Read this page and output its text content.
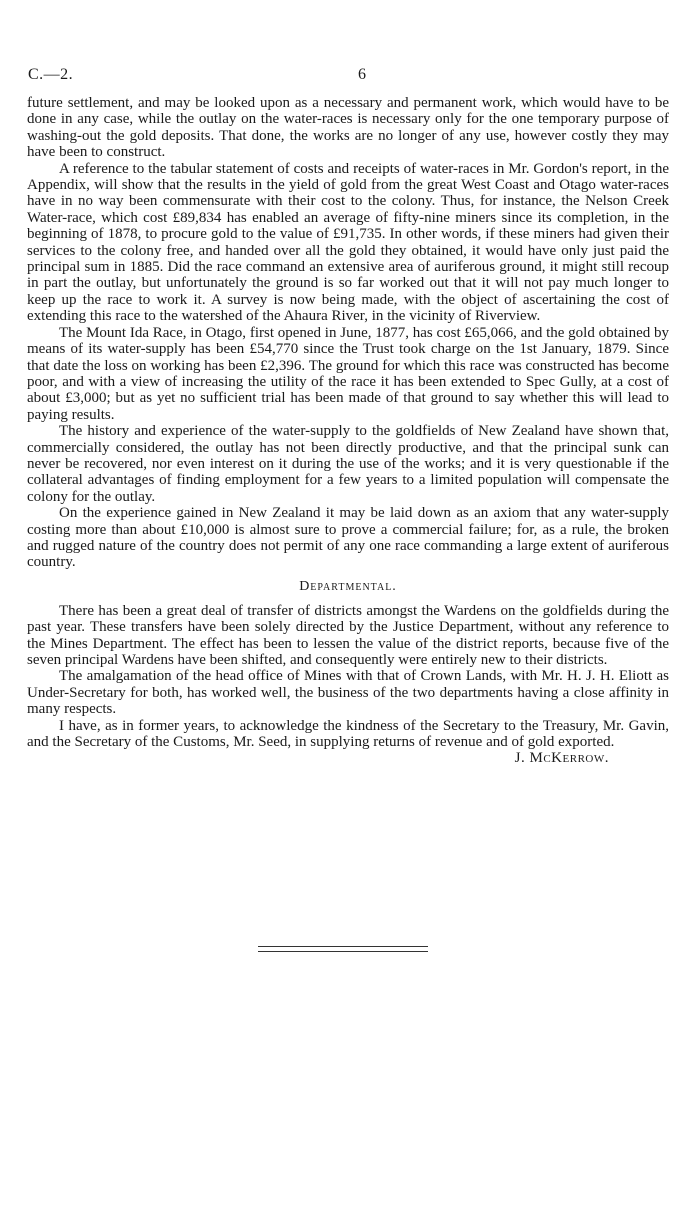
C.—2.	6

future settlement, and may be looked upon as a necessary and permanent work, which would have to be done in any case, while the outlay on the water-races is necessary only for the one temporary purpose of washing-out the gold deposits. That done, the works are no longer of any use, however costly they may have been to construct.

A reference to the tabular statement of costs and receipts of water-races in Mr. Gordon's report, in the Appendix, will show that the results in the yield of gold from the great West Coast and Otago water-races have in no way been commensurate with their cost to the colony. Thus, for instance, the Nelson Creek Water-race, which cost £89,834 has enabled an average of fifty-nine miners since its completion, in the beginning of 1878, to procure gold to the value of £91,735. In other words, if these miners had given their services to the colony free, and handed over all the gold they obtained, it would have only just paid the principal sum in 1885. Did the race command an extensive area of auriferous ground, it might still recoup in part the outlay, but unfortunately the ground is so far worked out that it will not pay much longer to keep up the race to work it. A survey is now being made, with the object of ascertaining the cost of extending this race to the watershed of the Ahaura River, in the vicinity of Riverview.

The Mount Ida Race, in Otago, first opened in June, 1877, has cost £65,066, and the gold obtained by means of its water-supply has been £54,770 since the Trust took charge on the 1st January, 1879. Since that date the loss on working has been £2,396. The ground for which this race was constructed has become poor, and with a view of increasing the utility of the race it has been extended to Spec Gully, at a cost of about £3,000; but as yet no sufficient trial has been made of that ground to say whether this will lead to paying results.

The history and experience of the water-supply to the goldfields of New Zealand have shown that, commercially considered, the outlay has not been directly productive, and that the principal sunk can never be recovered, nor even interest on it during the use of the works; and it is very questionable if the collateral advantages of finding employment for a few years to a limited population will compensate the colony for the outlay.

On the experience gained in New Zealand it may be laid down as an axiom that any water-supply costing more than about £10,000 is almost sure to prove a commercial failure; for, as a rule, the broken and rugged nature of the country does not permit of any one race commanding a large extent of auriferous country.

Departmental.

There has been a great deal of transfer of districts amongst the Wardens on the goldfields during the past year. These transfers have been solely directed by the Justice Department, without any reference to the Mines Department. The effect has been to lessen the value of the district reports, because five of the seven principal Wardens have been shifted, and consequently were entirely new to their districts.

The amalgamation of the head office of Mines with that of Crown Lands, with Mr. H. J. H. Eliott as Under-Secretary for both, has worked well, the business of the two departments having a close affinity in many respects.

I have, as in former years, to acknowledge the kindness of the Secretary to the Treasury, Mr. Gavin, and the Secretary of the Customs, Mr. Seed, in supplying returns of revenue and of gold exported.

J. McKerrow.
